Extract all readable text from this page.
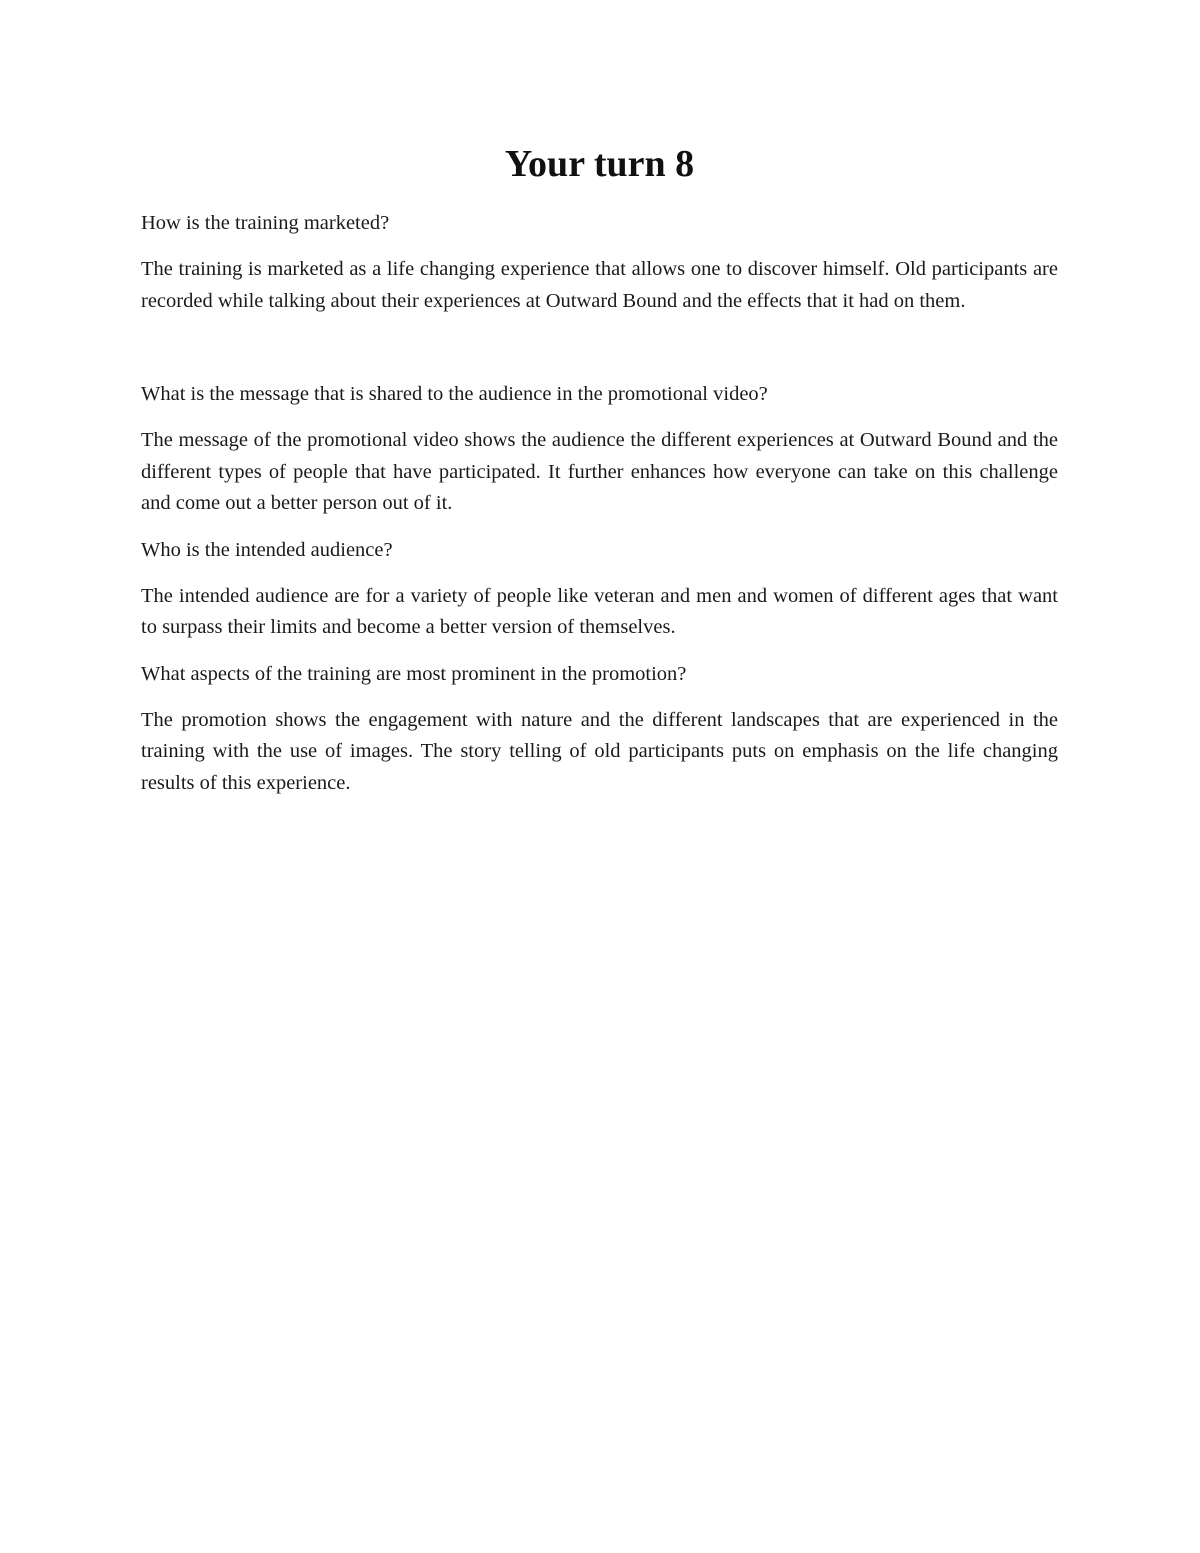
Your turn 8

How is the training marketed?

The training is marketed as a life changing experience that allows one to discover himself. Old participants are recorded while talking about their experiences at Outward Bound and the effects that it had on them.

What is the message that is shared to the audience in the promotional video?

The message of the promotional video shows the audience the different experiences at Outward Bound and the different types of people that have participated. It further enhances how everyone can take on this challenge and come out a better person out of it.

Who is the intended audience?

The intended audience are for a variety of people like veteran and men and women of different ages that want to surpass their limits and become a better version of themselves.

What aspects of the training are most prominent in the promotion?

The promotion shows the engagement with nature and the different landscapes that are experienced in the training with the use of images. The story telling of old participants puts on emphasis on the life changing results of this experience.
